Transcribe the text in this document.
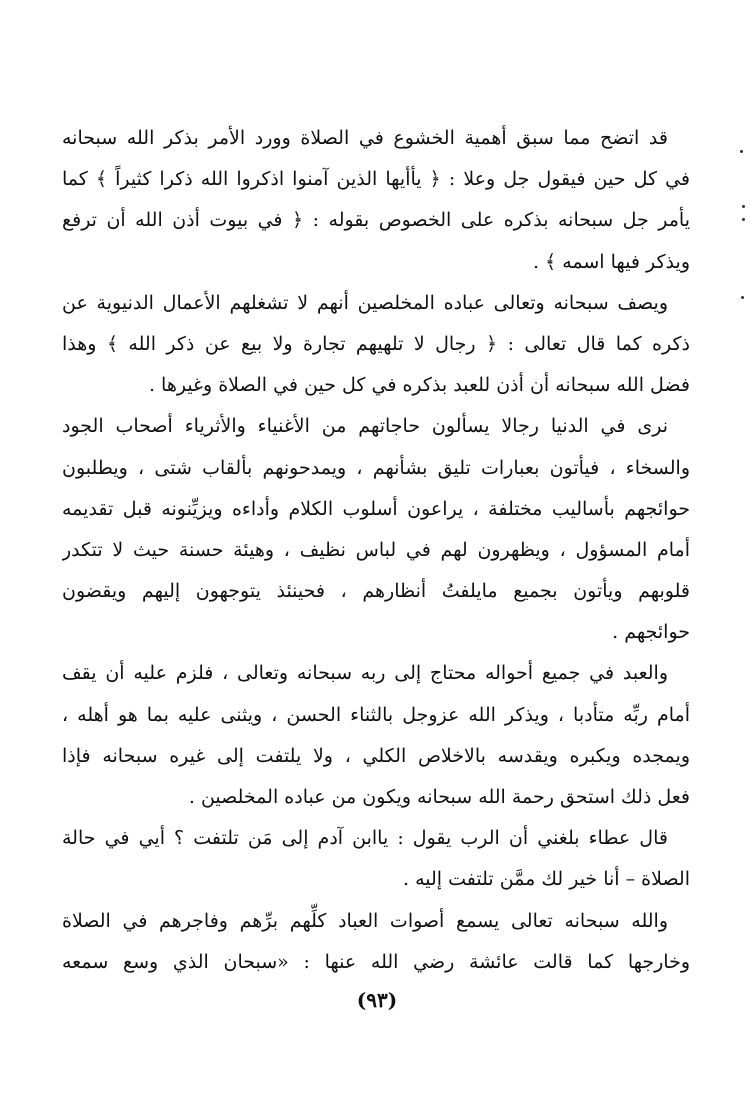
قد اتضح مما سبق أهمية الخشوع في الصلاة وورد الأمر بذكر الله سبحانه
في كل حين فيقول جل وعلا : ﴿ يأأيها الذين آمنوا اذكروا الله ذكرا كثيراً ﴾ كما
يأمر جل سبحانه بذكره على الخصوص بقوله : ﴿ في بيوت أذن الله أن ترفع
ويذكر فيها اسمه ﴾ .
ويصف سبحانه وتعالى عباده المخلصين أنهم لا تشغلهم الأعمال الدنيوية عن
ذكره كما قال تعالى : ﴿ رجال لا تلهيهم تجارة ولا بيع عن ذكر الله ﴾ وهذا
فضل الله سبحانه أن أذن للعبد بذكره في كل حين في الصلاة وغيرها .
نرى في الدنيا رجالا يسألون حاجاتهم من الأغنياء والأثرياء أصحاب الجود
والسخاء ، فيأتون بعبارات تليق بشأنهم ، ويمدحونهم بألقاب شتى ، ويطلبون
حوائجهم بأساليب مختلفة ، يراعون أسلوب الكلام وأداءه ويزيِّنونه قبل تقديمه
أمام المسؤول ، ويظهرون لهم في لباس نظيف ، وهيئة حسنة حيث لا تتكدر
قلوبهم ويأتون بجميع مايلفتُ أنظارهم ، فحينئذ يتوجهون إليهم ويقضون
حوائجهم .
والعبد في جميع أحواله محتاج إلى ربه سبحانه وتعالى ، فلزم عليه أن يقف
أمام ربِّه متأدبا ، ويذكر الله عزوجل بالثناء الحسن ، ويثنى عليه بما هو أهله ،
ويمجده ويكبره ويقدسه بالاخلاص الكلي ، ولا يلتفت إلى غيره سبحانه فإذا
فعل ذلك استحق رحمة الله سبحانه ويكون من عباده المخلصين .
قال عطاء بلغني أن الرب يقول : ياابن آدم إلى مَن تلتفت ؟ أيي في حالة
الصلاة – أنا خير لك ممَّن تلتفت إليه .
والله سبحانه تعالى يسمع أصوات العباد كلِّهم برِّهم وفاجرهم في الصلاة
وخارجها كما قالت عائشة رضي الله عنها : «سبحان الذي وسع سمعه
(٩٣)
